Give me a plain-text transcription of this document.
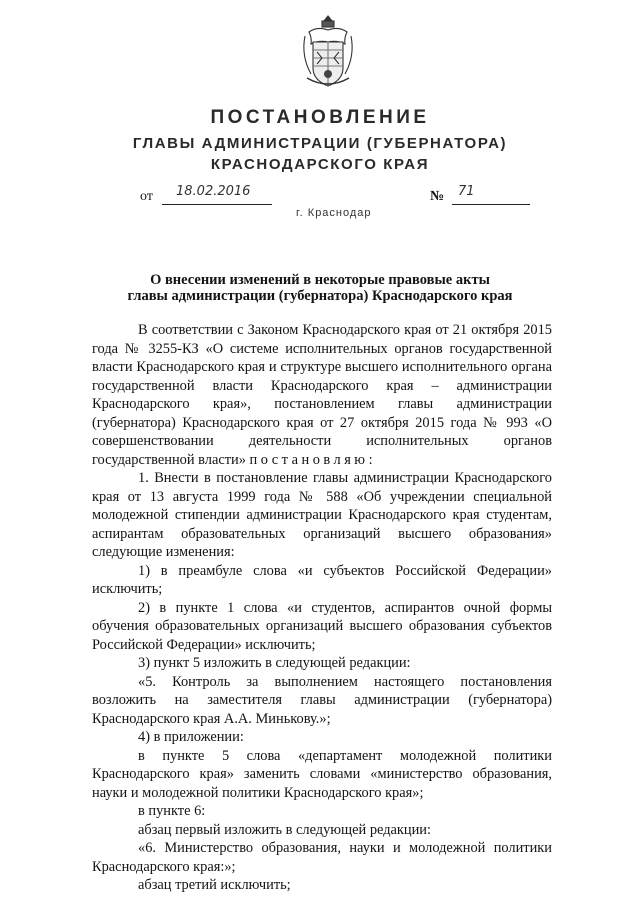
ПОСТАНОВЛЕНИЕ
ГЛАВЫ АДМИНИСТРАЦИИ (ГУБЕРНАТОРА)
КРАСНОДАРСКОГО КРАЯ
от 18.02.2016	№ 71
г. Краснодар
О внесении изменений в некоторые правовые акты
главы администрации (губернатора) Краснодарского края

В соответствии с Законом Краснодарского края от 21 октября 2015 года № 3255-КЗ «О системе исполнительных органов государственной власти Краснодарского края и структуре высшего исполнительного органа государственной власти Краснодарского края – администрации Краснодарского края», постановлением главы администрации (губернатора) Краснодарского края от 27 октября 2015 года № 993 «О совершенствовании деятельности исполнительных органов государственной власти» постановляю:

1. Внести в постановление главы администрации Краснодарского края от 13 августа 1999 года № 588 «Об учреждении специальной молодежной стипендии администрации Краснодарского края студентам, аспирантам образовательных организаций высшего образования» следующие изменения:

1) в преамбуле слова «и субъектов Российской Федерации» исключить;

2) в пункте 1 слова «и студентов, аспирантов очной формы обучения образовательных организаций высшего образования субъектов Российской Федерации» исключить;

3) пункт 5 изложить в следующей редакции:

«5. Контроль за выполнением настоящего постановления возложить на заместителя главы администрации (губернатора) Краснодарского края А.А. Минькову.»;

4) в приложении:

в пункте 5 слова «департамент молодежной политики Краснодарского края» заменить словами «министерство образования, науки и молодежной политики Краснодарского края»;

в пункте 6:

абзац первый изложить в следующей редакции:

«6. Министерство образования, науки и молодежной политики Краснодарского края:»;

абзац третий исключить;
